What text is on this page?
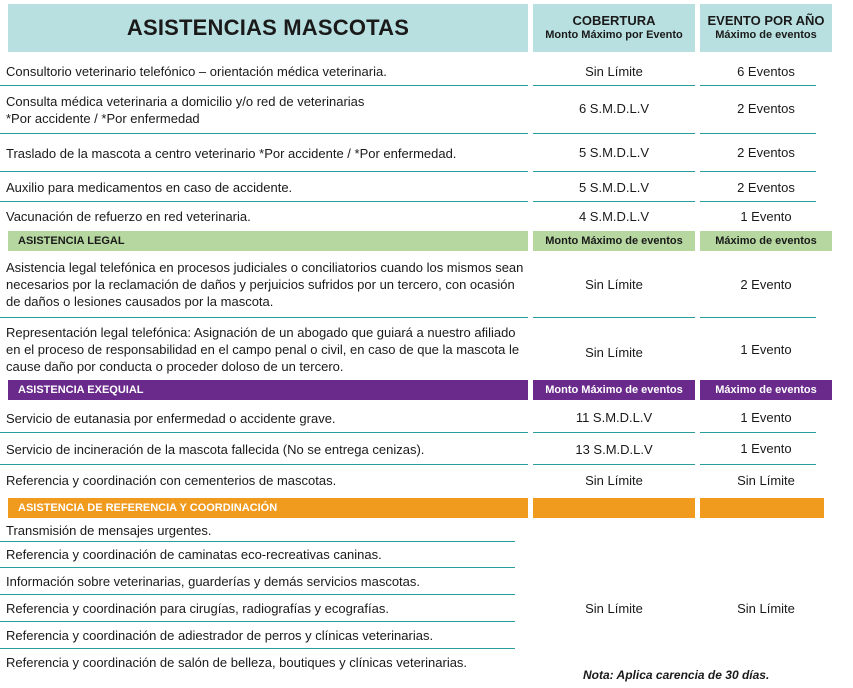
ASISTENCIAS MASCOTAS	COBERTURA
Monto Máximo por Evento
EVENTO POR AÑO
Máximo de eventos
Consultorio veterinario telefónico – orientación médica veterinaria.	Sin Límite	6 Eventos
Consulta médica veterinaria a domicilio y/o red de veterinarias
*Por accidente / *Por enfermedad
6 S.M.D.L.V	2 Eventos
Traslado de la mascota a centro veterinario *Por accidente / *Por enfermedad.	5 S.M.D.L.V	2 Eventos
Auxilio para medicamentos en caso de accidente.	5 S.M.D.L.V	2 Eventos
Vacunación de refuerzo en red veterinaria.	4 S.M.D.L.V	1 Evento
ASISTENCIA LEGAL	Monto Máximo de eventos	Máximo de eventos
Asistencia legal telefónica en procesos judiciales o conciliatorios cuando los mismos sean necesarios por la reclamación de daños y perjuicios sufridos por un tercero, con ocasión de daños o lesiones causados por la mascota.
Sin Límite	2 Evento
Representación legal telefónica: Asignación de un abogado que guiará a nuestro afiliado en el proceso de responsabilidad en el campo penal o civil, en caso de que la mascota le cause daño por conducta o proceder doloso de un tercero.
Sin Límite	1 Evento
ASISTENCIA EXEQUIAL	Monto Máximo de eventos	Máximo de eventos
Servicio de eutanasia por enfermedad o accidente grave.	11 S.M.D.L.V	1 Evento
Servicio de incineración de la mascota fallecida (No se entrega cenizas).	13 S.M.D.L.V	1 Evento
Referencia y coordinación con cementerios de mascotas.	Sin Límite	Sin Límite
ASISTENCIA DE REFERENCIA Y COORDINACIÓN
Transmisión de mensajes urgentes.
Referencia y coordinación de caminatas eco-recreativas caninas.
Información sobre veterinarias, guarderías y demás servicios mascotas.
Referencia y coordinación para cirugías, radiografías y ecografías.
Referencia y coordinación de adiestrador de perros y clínicas veterinarias.
Referencia y coordinación de salón de belleza, boutiques y clínicas veterinarias.
Sin Límite	Sin Límite
Nota: Aplica carencia de 30 días.
